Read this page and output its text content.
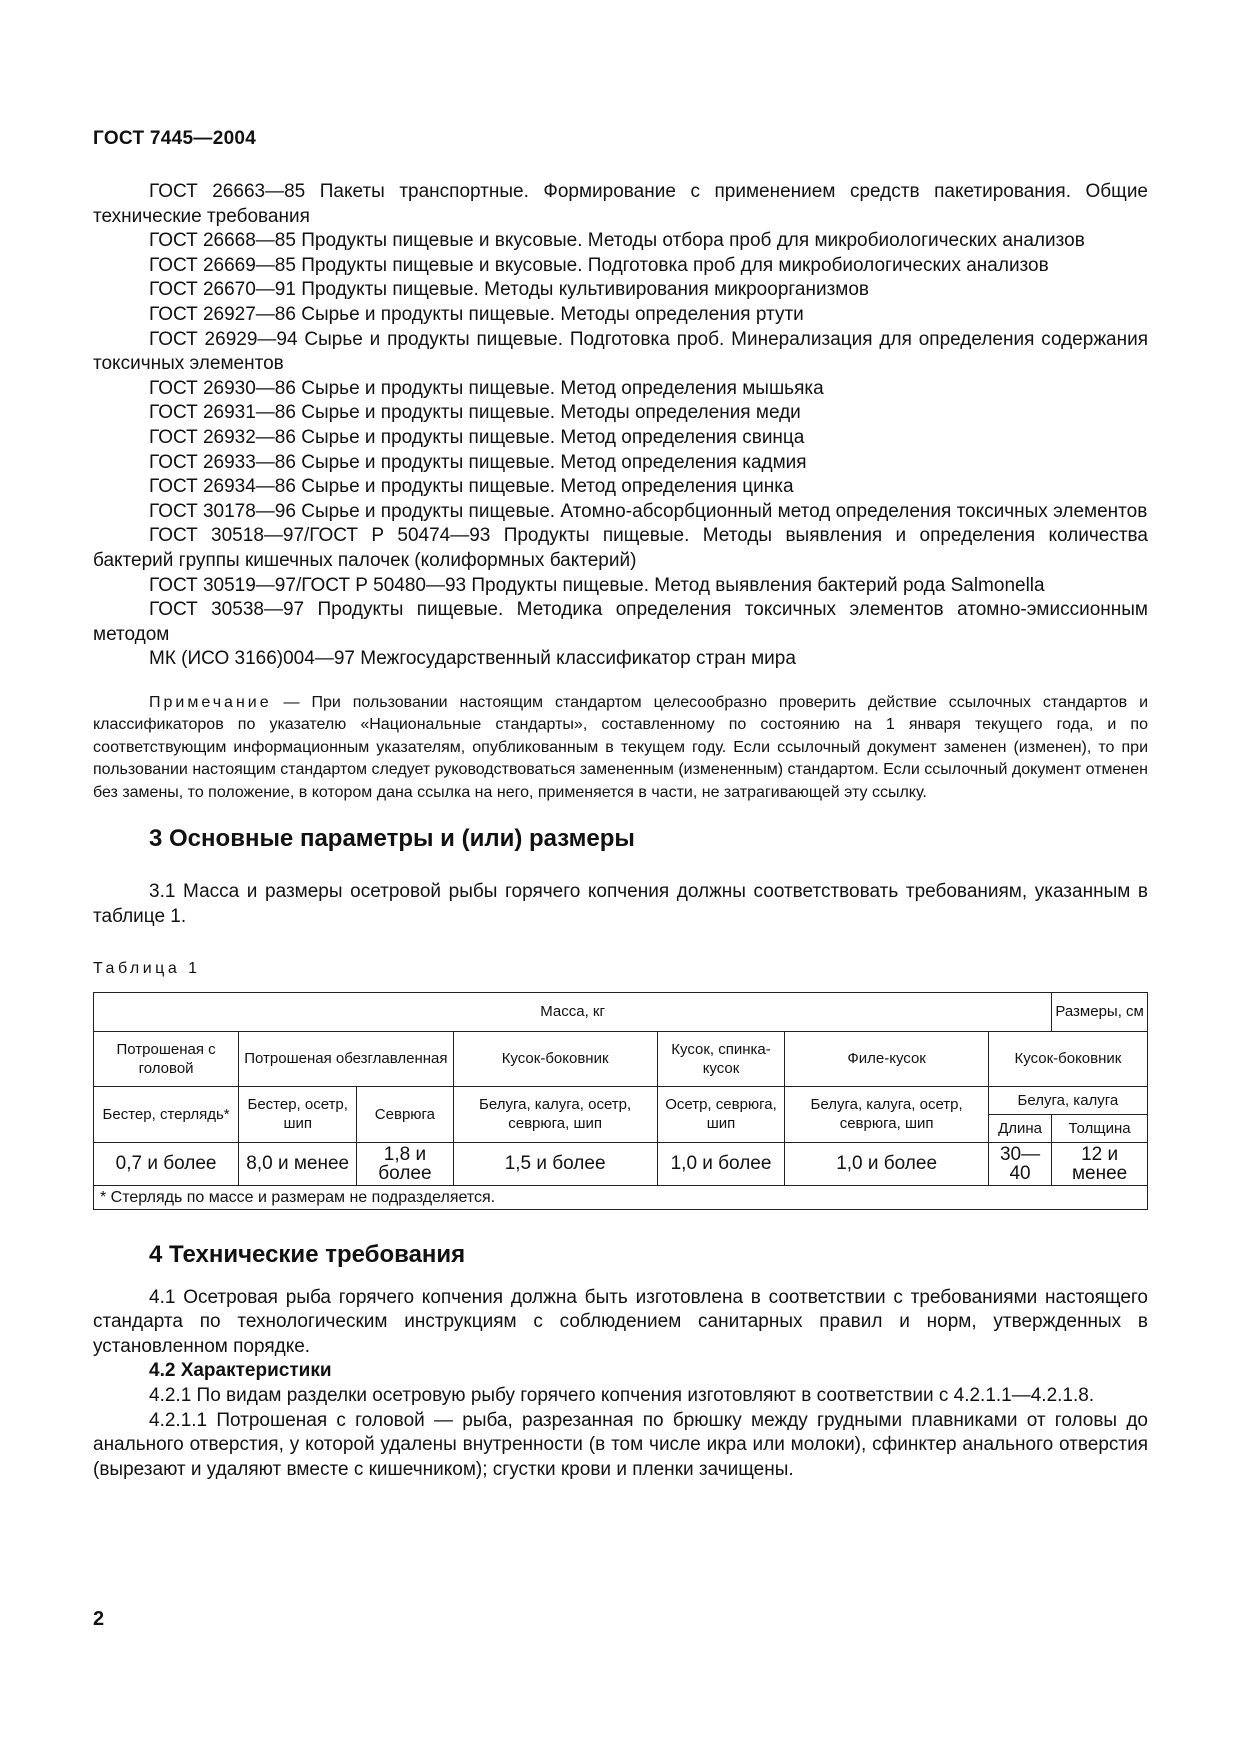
ГОСТ 7445—2004

ГОСТ 26663—85 Пакеты транспортные. Формирование с применением средств пакетирования. Общие технические требования

ГОСТ 26668—85 Продукты пищевые и вкусовые. Методы отбора проб для микробиологических анализов

ГОСТ 26669—85 Продукты пищевые и вкусовые. Подготовка проб для микробиологических анализов

ГОСТ 26670—91 Продукты пищевые. Методы культивирования микроорганизмов

ГОСТ 26927—86 Сырье и продукты пищевые. Методы определения ртути

ГОСТ 26929—94 Сырье и продукты пищевые. Подготовка проб. Минерализация для определения содержания токсичных элементов

ГОСТ 26930—86 Сырье и продукты пищевые. Метод определения мышьяка

ГОСТ 26931—86 Сырье и продукты пищевые. Методы определения меди

ГОСТ 26932—86 Сырье и продукты пищевые. Метод определения свинца

ГОСТ 26933—86 Сырье и продукты пищевые. Метод определения кадмия

ГОСТ 26934—86 Сырье и продукты пищевые. Метод определения цинка

ГОСТ 30178—96 Сырье и продукты пищевые. Атомно-абсорбционный метод определения токсичных элементов

ГОСТ 30518—97/ГОСТ Р 50474—93 Продукты пищевые. Методы выявления и определения количества бактерий группы кишечных палочек (колиформных бактерий)

ГОСТ 30519—97/ГОСТ Р 50480—93 Продукты пищевые. Метод выявления бактерий рода Salmonella

ГОСТ 30538—97 Продукты пищевые. Методика определения токсичных элементов атомно-эмиссионным методом

МК (ИСО 3166)004—97 Межгосударственный классификатор стран мира

Примечание — При пользовании настоящим стандартом целесообразно проверить действие ссылочных стандартов и классификаторов по указателю «Национальные стандарты», составленному по состоянию на 1 января текущего года, и по соответствующим информационным указателям, опубликованным в текущем году. Если ссылочный документ заменен (изменен), то при пользовании настоящим стандартом следует руководствоваться замененным (измененным) стандартом. Если ссылочный документ отменен без замены, то положение, в котором дана ссылка на него, применяется в части, не затрагивающей эту ссылку.

3 Основные параметры и (или) размеры

3.1 Масса и размеры осетровой рыбы горячего копчения должны соответствовать требованиям, указанным в таблице 1.

Таблица 1
Масса, кг							Размеры, см
Потрошеная с головой	Потрошеная обезглавленная		Кусок-боковник	Кусок, спинка-кусок	Филе-кусок	Кусок-боковник	
Бестер, стерлядь*	Бестер, осетр, шип	Севрюга	Белуга, калуга, осетр, севрюга, шип	Осетр, севрюга, шип	Белуга, калуга, осетр, севрюга, шип	Белуга, калуга	
						Длина	Толщина
0,7 и более	8,0 и менее	1,8 и более	1,5 и более	1,0 и более	1,0 и более	30—40	12 и менее
* Стерлядь по массе и размерам не подразделяется.							
4 Технические требования

4.1 Осетровая рыба горячего копчения должна быть изготовлена в соответствии с требованиями настоящего стандарта по технологическим инструкциям с соблюдением санитарных правил и норм, утвержденных в установленном порядке.

4.2 Характеристики

4.2.1 По видам разделки осетровую рыбу горячего копчения изготовляют в соответствии с 4.2.1.1—4.2.1.8.

4.2.1.1 Потрошеная с головой — рыба, разрезанная по брюшку между грудными плавниками от головы до анального отверстия, у которой удалены внутренности (в том числе икра или молоки), сфинктер анального отверстия (вырезают и удаляют вместе с кишечником); сгустки крови и пленки зачищены.

2
